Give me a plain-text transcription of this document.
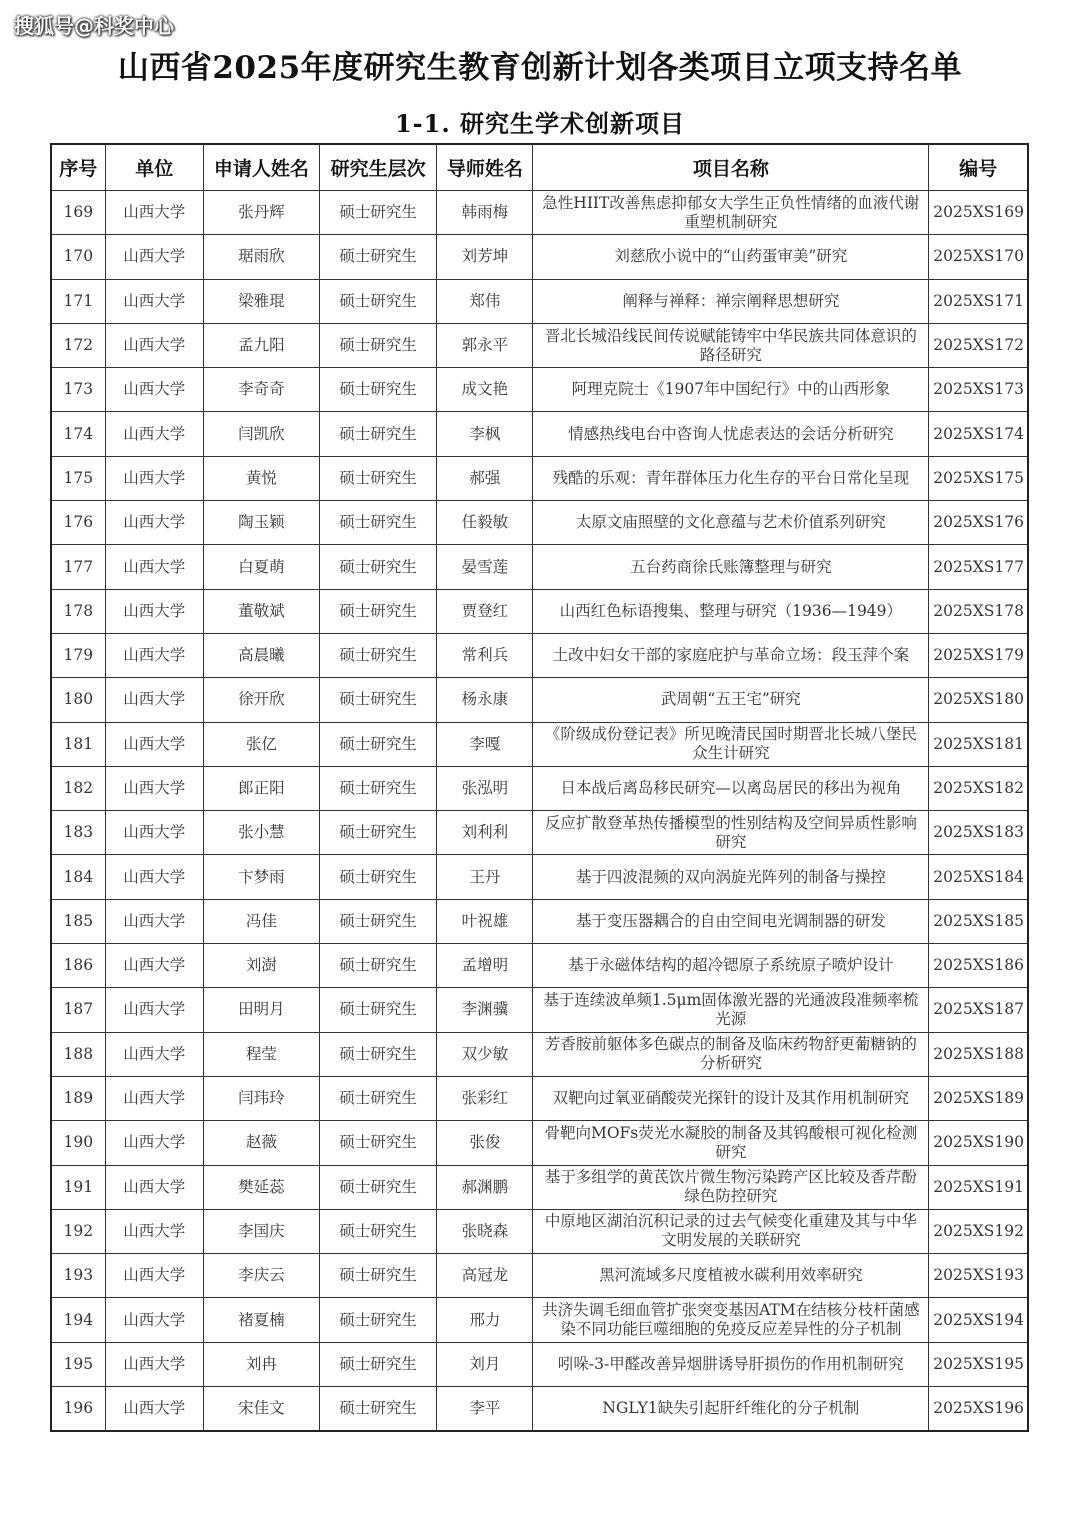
搜狐号@科奖中心
山西省2025年度研究生教育创新计划各类项目立项支持名单
1-1. 研究生学术创新项目
序号	单位	申请人姓名	研究生层次	导师姓名	项目名称	编号
169	山西大学	张丹辉	硕士研究生	韩雨梅	急性HIIT改善焦虑抑郁女大学生正负性情绪的血液代谢重塑机制研究	2025XS169
170	山西大学	琚雨欣	硕士研究生	刘芳坤	刘慈欣小说中的“山药蛋审美”研究	2025XS170
171	山西大学	梁雅琨	硕士研究生	郑伟	阐释与禅释：禅宗阐释思想研究	2025XS171
172	山西大学	孟九阳	硕士研究生	郭永平	晋北长城沿线民间传说赋能铸牢中华民族共同体意识的路径研究	2025XS172
173	山西大学	李奇奇	硕士研究生	成文艳	阿理克院士《1907年中国纪行》中的山西形象	2025XS173
174	山西大学	闫凯欣	硕士研究生	李枫	情感热线电台中咨询人忧虑表达的会话分析研究	2025XS174
175	山西大学	黄悦	硕士研究生	郝强	残酷的乐观：青年群体压力化生存的平台日常化呈现	2025XS175
176	山西大学	陶玉颖	硕士研究生	任毅敏	太原文庙照壁的文化意蕴与艺术价值系列研究	2025XS176
177	山西大学	白夏萌	硕士研究生	晏雪莲	五台药商徐氏账簿整理与研究	2025XS177
178	山西大学	董敬斌	硕士研究生	贾登红	山西红色标语搜集、整理与研究（1936—1949）	2025XS178
179	山西大学	高晨曦	硕士研究生	常利兵	土改中妇女干部的家庭庇护与革命立场：段玉萍个案	2025XS179
180	山西大学	徐开欣	硕士研究生	杨永康	武周朝“五王宅”研究	2025XS180
181	山西大学	张亿	硕士研究生	李嘎	《阶级成份登记表》所见晚清民国时期晋北长城八堡民众生计研究	2025XS181
182	山西大学	郎正阳	硕士研究生	张泓明	日本战后离岛移民研究—以离岛居民的移出为视角	2025XS182
183	山西大学	张小慧	硕士研究生	刘利利	反应扩散登革热传播模型的性别结构及空间异质性影响研究	2025XS183
184	山西大学	卞梦雨	硕士研究生	王丹	基于四波混频的双向涡旋光阵列的制备与操控	2025XS184
185	山西大学	冯佳	硕士研究生	叶祝雄	基于变压器耦合的自由空间电光调制器的研发	2025XS185
186	山西大学	刘澍	硕士研究生	孟增明	基于永磁体结构的超冷锶原子系统原子喷炉设计	2025XS186
187	山西大学	田明月	硕士研究生	李渊骥	基于连续波单频1.5μm固体激光器的光通波段准频率梳光源	2025XS187
188	山西大学	程莹	硕士研究生	双少敏	芳香胺前躯体多色碳点的制备及临床药物舒更葡糖钠的分析研究	2025XS188
189	山西大学	闫玮玲	硕士研究生	张彩红	双靶向过氧亚硝酸荧光探针的设计及其作用机制研究	2025XS189
190	山西大学	赵薇	硕士研究生	张俊	骨靶向MOFs荧光水凝胶的制备及其钨酸根可视化检测研究	2025XS190
191	山西大学	樊延蕊	硕士研究生	郝渊鹏	基于多组学的黄芪饮片微生物污染跨产区比较及香芹酚绿色防控研究	2025XS191
192	山西大学	李国庆	硕士研究生	张晓森	中原地区湖泊沉积记录的过去气候变化重建及其与中华文明发展的关联研究	2025XS192
193	山西大学	李庆云	硕士研究生	高冠龙	黑河流域多尺度植被水碳利用效率研究	2025XS193
194	山西大学	褚夏楠	硕士研究生	邢力	共济失调毛细血管扩张突变基因ATM在结核分枝杆菌感染不同功能巨噬细胞的免疫反应差异性的分子机制	2025XS194
195	山西大学	刘冉	硕士研究生	刘月	吲哚-3-甲醛改善异烟肼诱导肝损伤的作用机制研究	2025XS195
196	山西大学	宋佳文	硕士研究生	李平	NGLY1缺失引起肝纤维化的分子机制	2025XS196
